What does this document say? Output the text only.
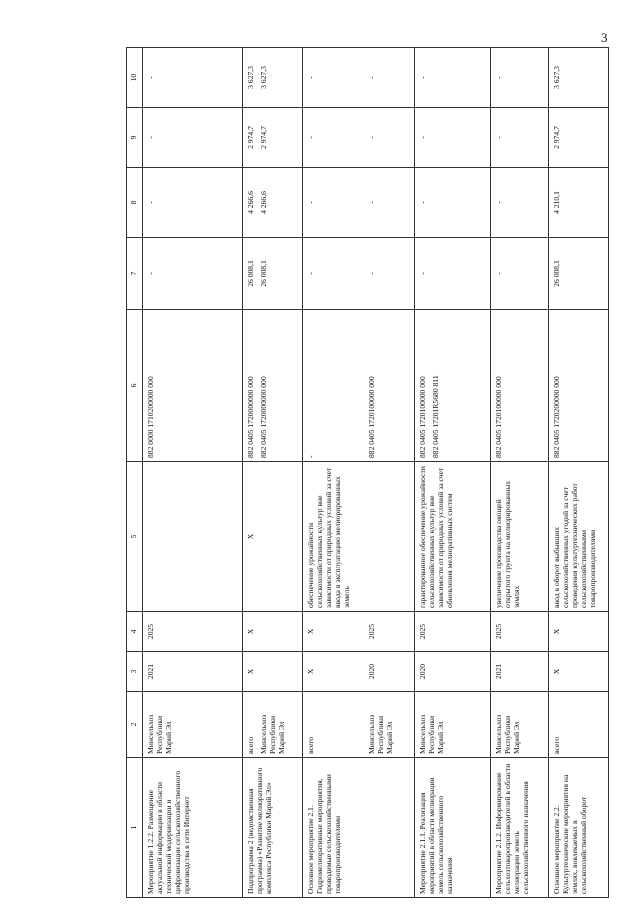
3
1	2	3	4	5	6	7	8	9	10
Мероприятие 1.2.2. Размещение актуальной информации в области технической модернизации и цифровизации сельскохозяйственного производства в сети Интернет	Минсельхоз Республики Марий Эл	2021	2025		882 0000 1710200000 000	-	-	-	-
Подпрограмма 2 (ведомственная программа) «Развитие мелиоративного комплекса Республики Марий Эл»	всего Минсельхоз Республики Марий Эл	X	X	X	882 0405 1720000000 000 882 0405 1720000000 000	26 008,1 26 008,1	4 266,6 4 266,6	2 974,7 2 974,7	3 627,3 3 627,3

Основное мероприятие 2.1. Гидромелиоративные мероприятия, проводимые сельскохозяйственными товаропроизводителями	всего Минсельхоз Республики Марий Эл	X 2020	X 2025	обеспечение урожайности сельскохозяйственных культур вне зависимости от природных условий за счет ввода в эксплуатацию мелиорированных земель	- 882 0405 1720100000 000	- -	- -	- -	- -

Мероприятие 2.1.1. Реализация мероприятий в области мелиорации земель сельскохозяйственного назначения	Минсельхоз Республики Марий Эл	2020	2025	гарантированное обеспечение урожайности сельскохозяйственных культур вне зависимости от природных условий за счет обновления мелиоративных систем	882 0405 1720100000 000 882 0405 17201R5680 811	-	-	-	-
Мероприятие 2.1.2. Информирование сельхозтоваропроизводителей в области мелиорации земель сельскохозяйственного назначения	Минсельхоз Республики Марий Эл	2021	2025	увеличение производства овощей открытого грунта на мелиорированных землях	882 0405 1720100000 000	-	-	-	-
Основное мероприятие 2.2. Культуртехнические мероприятия на землях, вовлекаемых в сельскохозяйственный оборот	всего	X	X	ввод в оборот выбывших сельскохозяйственных угодий за счет проведения культуртехнических работ сельскохозяйственными товаропроизводителями	882 0405 1720200000 000	26 008,1	4 210,1	2 974,7	3 627,3
